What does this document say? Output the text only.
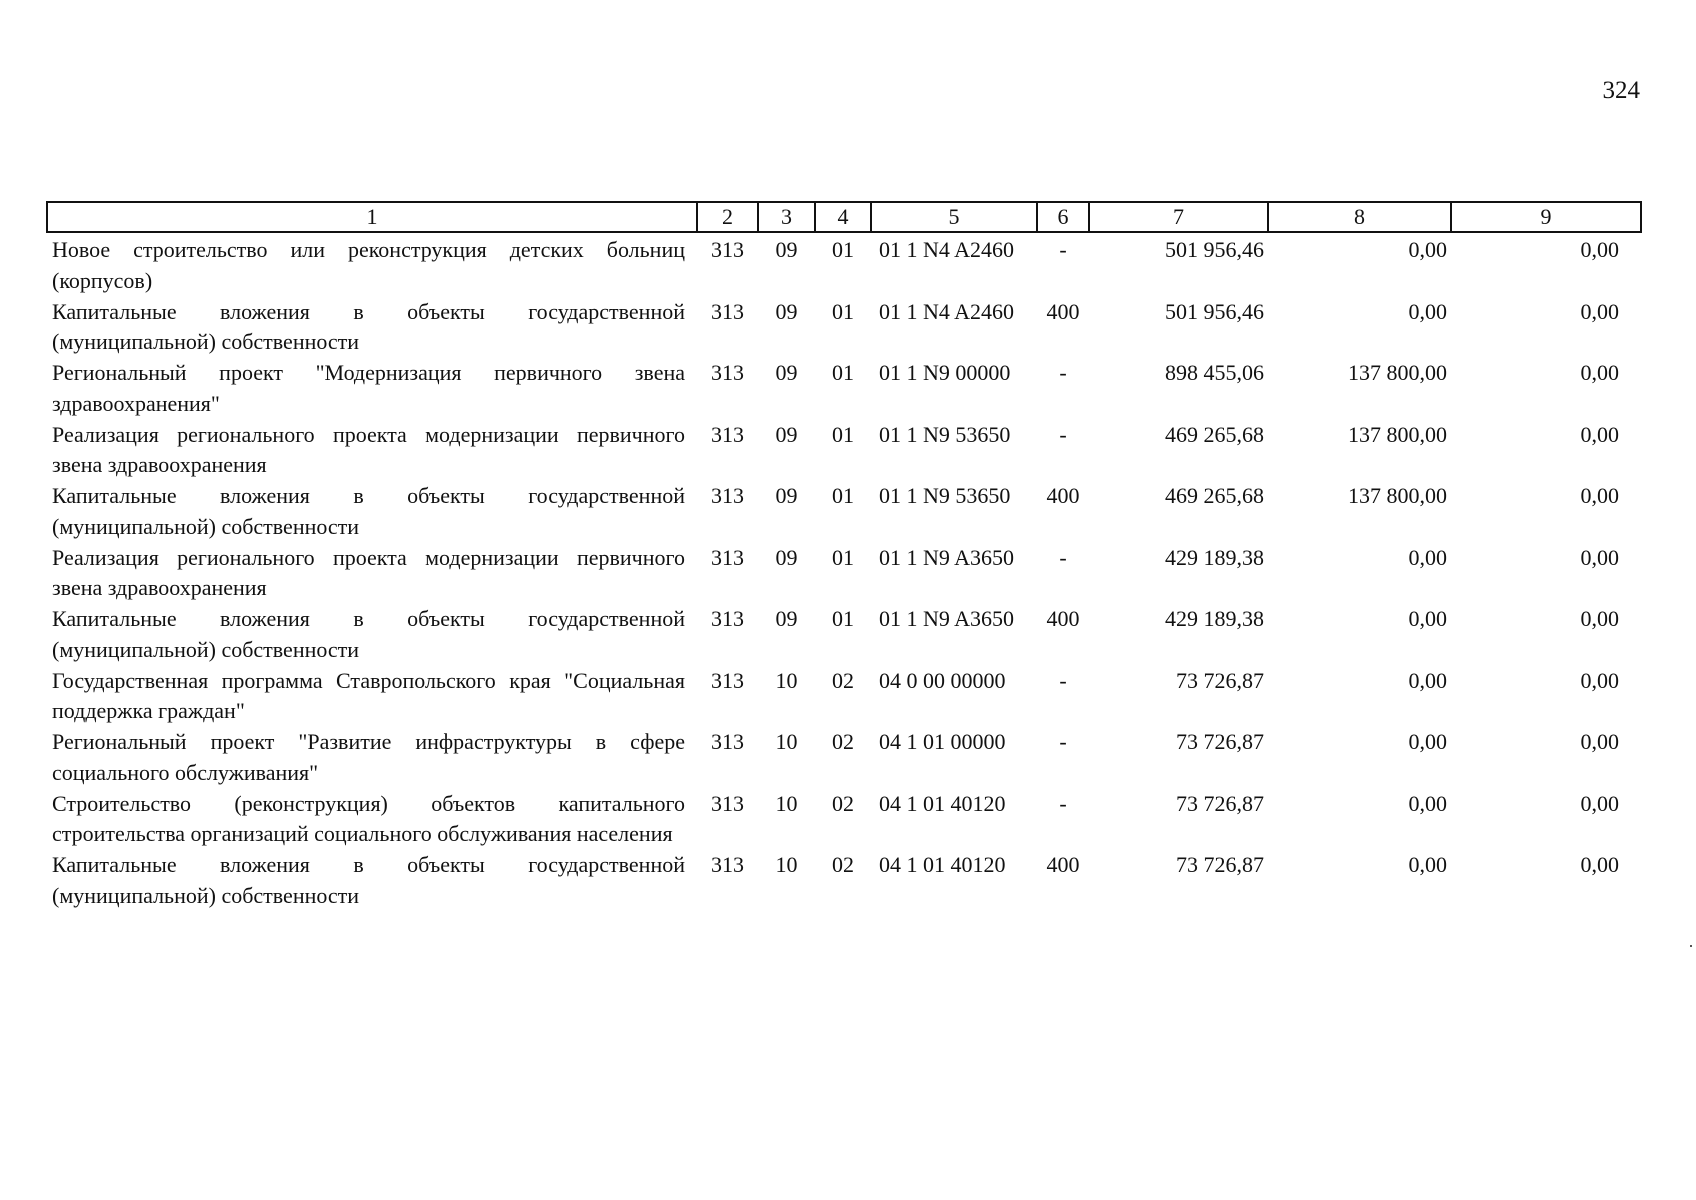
324
1	2	3	4	5	6	7	8	9
Новое строительство или реконструкция детских больниц (корпусов)	313	09	01	01 1 N4 A2460	-	501 956,46	0,00	0,00
Капитальные вложения в объекты государственной (муниципальной) собственности	313	09	01	01 1 N4 A2460	400	501 956,46	0,00	0,00
Региональный проект "Модернизация первичного звена здравоохранения"	313	09	01	01 1 N9 00000	-	898 455,06	137 800,00	0,00
Реализация регионального проекта модернизации первичного звена здравоохранения	313	09	01	01 1 N9 53650	-	469 265,68	137 800,00	0,00
Капитальные вложения в объекты государственной (муниципальной) собственности	313	09	01	01 1 N9 53650	400	469 265,68	137 800,00	0,00
Реализация регионального проекта модернизации первичного звена здравоохранения	313	09	01	01 1 N9 A3650	-	429 189,38	0,00	0,00
Капитальные вложения в объекты государственной (муниципальной) собственности	313	09	01	01 1 N9 A3650	400	429 189,38	0,00	0,00
Государственная программа Ставропольского края "Социальная поддержка граждан"	313	10	02	04 0 00 00000	-	73 726,87	0,00	0,00
Региональный проект "Развитие инфраструктуры в сфере социального обслуживания"	313	10	02	04 1 01 00000	-	73 726,87	0,00	0,00
Строительство (реконструкция) объектов капитального строительства организаций социального обслуживания населения	313	10	02	04 1 01 40120	-	73 726,87	0,00	0,00
Капитальные вложения в объекты государственной (муниципальной) собственности	313	10	02	04 1 01 40120	400	73 726,87	0,00	0,00
